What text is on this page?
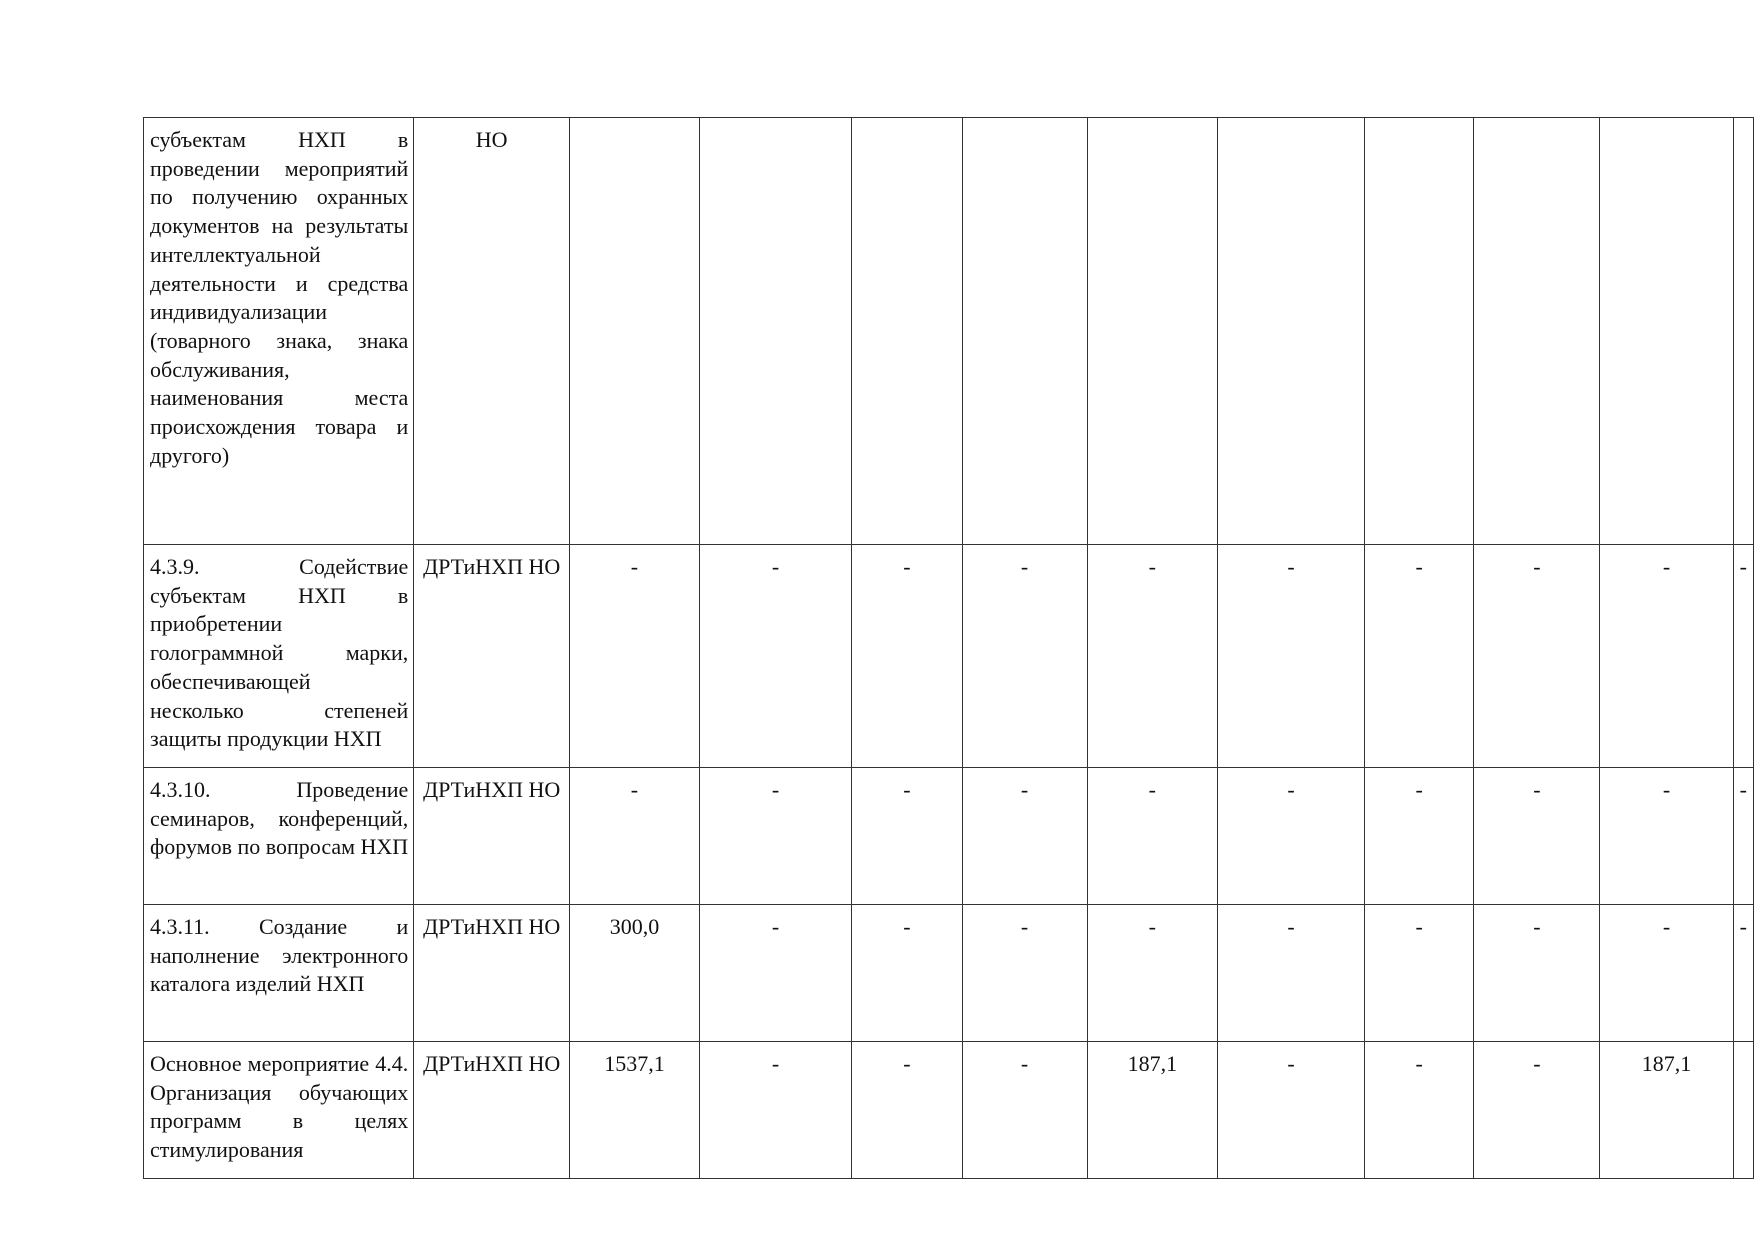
субъектам НХП в проведении мероприятий по получению охранных документов на результаты интеллектуальной деятельности и средства индивидуализации (товарного знака, знака обслуживания, наименования места происхождения товара и другого)	НО										
4.3.9. Содействие субъектам НХП в приобретении голограммной марки, обеспечивающей несколько степеней защиты продукции НХП	ДРТиНХП НО	-	-	-	-	-	-	-	-	-	-
4.3.10. Проведение семинаров, конференций, форумов по вопросам НХП	ДРТиНХП НО	-	-	-	-	-	-	-	-	-	-
4.3.11. Создание и наполнение электронного каталога изделий НХП	ДРТиНХП НО	300,0	-	-	-	-	-	-	-	-	-
Основное мероприятие 4.4. Организация обучающих программ в целях стимулирования	ДРТиНХП НО	1537,1	-	-	-	187,1	-	-	-	187,1	
